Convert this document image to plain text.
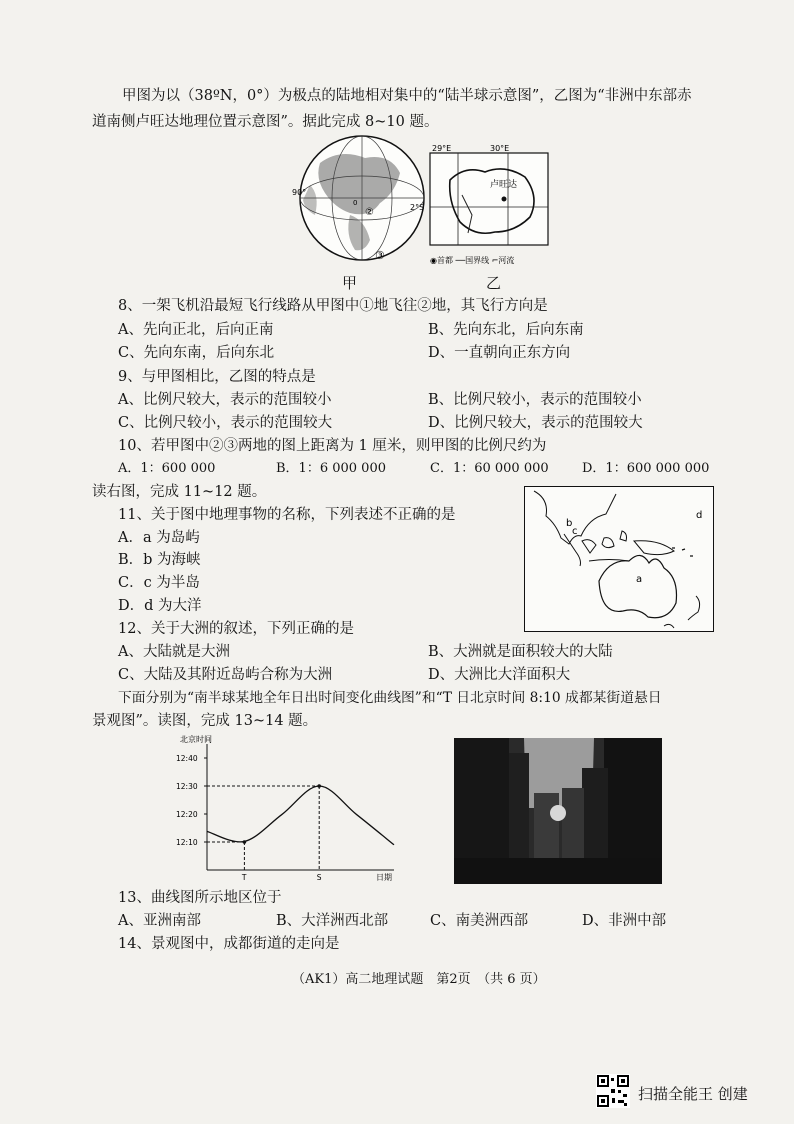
甲图为以（38ºN，0°）为极点的陆地相对集中的“陆半球示意图”，乙图为“非洲中东部赤
道南侧卢旺达地理位置示意图”。据此完成 8~10 题。
90°
0
②
③
29°E	30°E
2°S
卢旺达
◉首都 ──国界线 ⌐河流
甲	乙
8、一架飞机沿最短飞行线路从甲图中①地飞往②地，其飞行方向是
A、先向正北，后向正南	B、先向东北，后向东南
C、先向东南，后向东北	D、一直朝向正东方向
9、与甲图相比，乙图的特点是
A、比例尺较大，表示的范围较小	B、比例尺较小，表示的范围较小
C、比例尺较小，表示的范围较大	D、比例尺较大，表示的范围较大
10、若甲图中②③两地的图上距离为 1 厘米，则甲图的比例尺约为
A．1：600 000	B．1：6 000 000	C．1：60 000 000	D．1：600 000 000
读右图，完成 11~12 题。
11、关于图中地理事物的名称，下列表述不正确的是
A．a 为岛屿
B．b 为海峡
C．c 为半岛
D．d 为大洋
d
b
c
a
12、关于大洲的叙述，下列正确的是
A、大陆就是大洲	B、大洲就是面积较大的大陆
C、大陆及其附近岛屿合称为大洲	D、大洲比大洋面积大
下面分别为“南半球某地全年日出时间变化曲线图”和“T 日北京时间 8:10 成都某街道悬日
景观图”。读图，完成 13~14 题。
北京时间
日期
12:10
12:20
12:30
12:40
T	S
13、曲线图所示地区位于
A、亚洲南部	B、大洋洲西北部	C、南美洲西部	D、非洲中部
14、景观图中，成都街道的走向是
（AK1）高二地理试题　第2页　（共 6 页）
扫描全能王 创建
